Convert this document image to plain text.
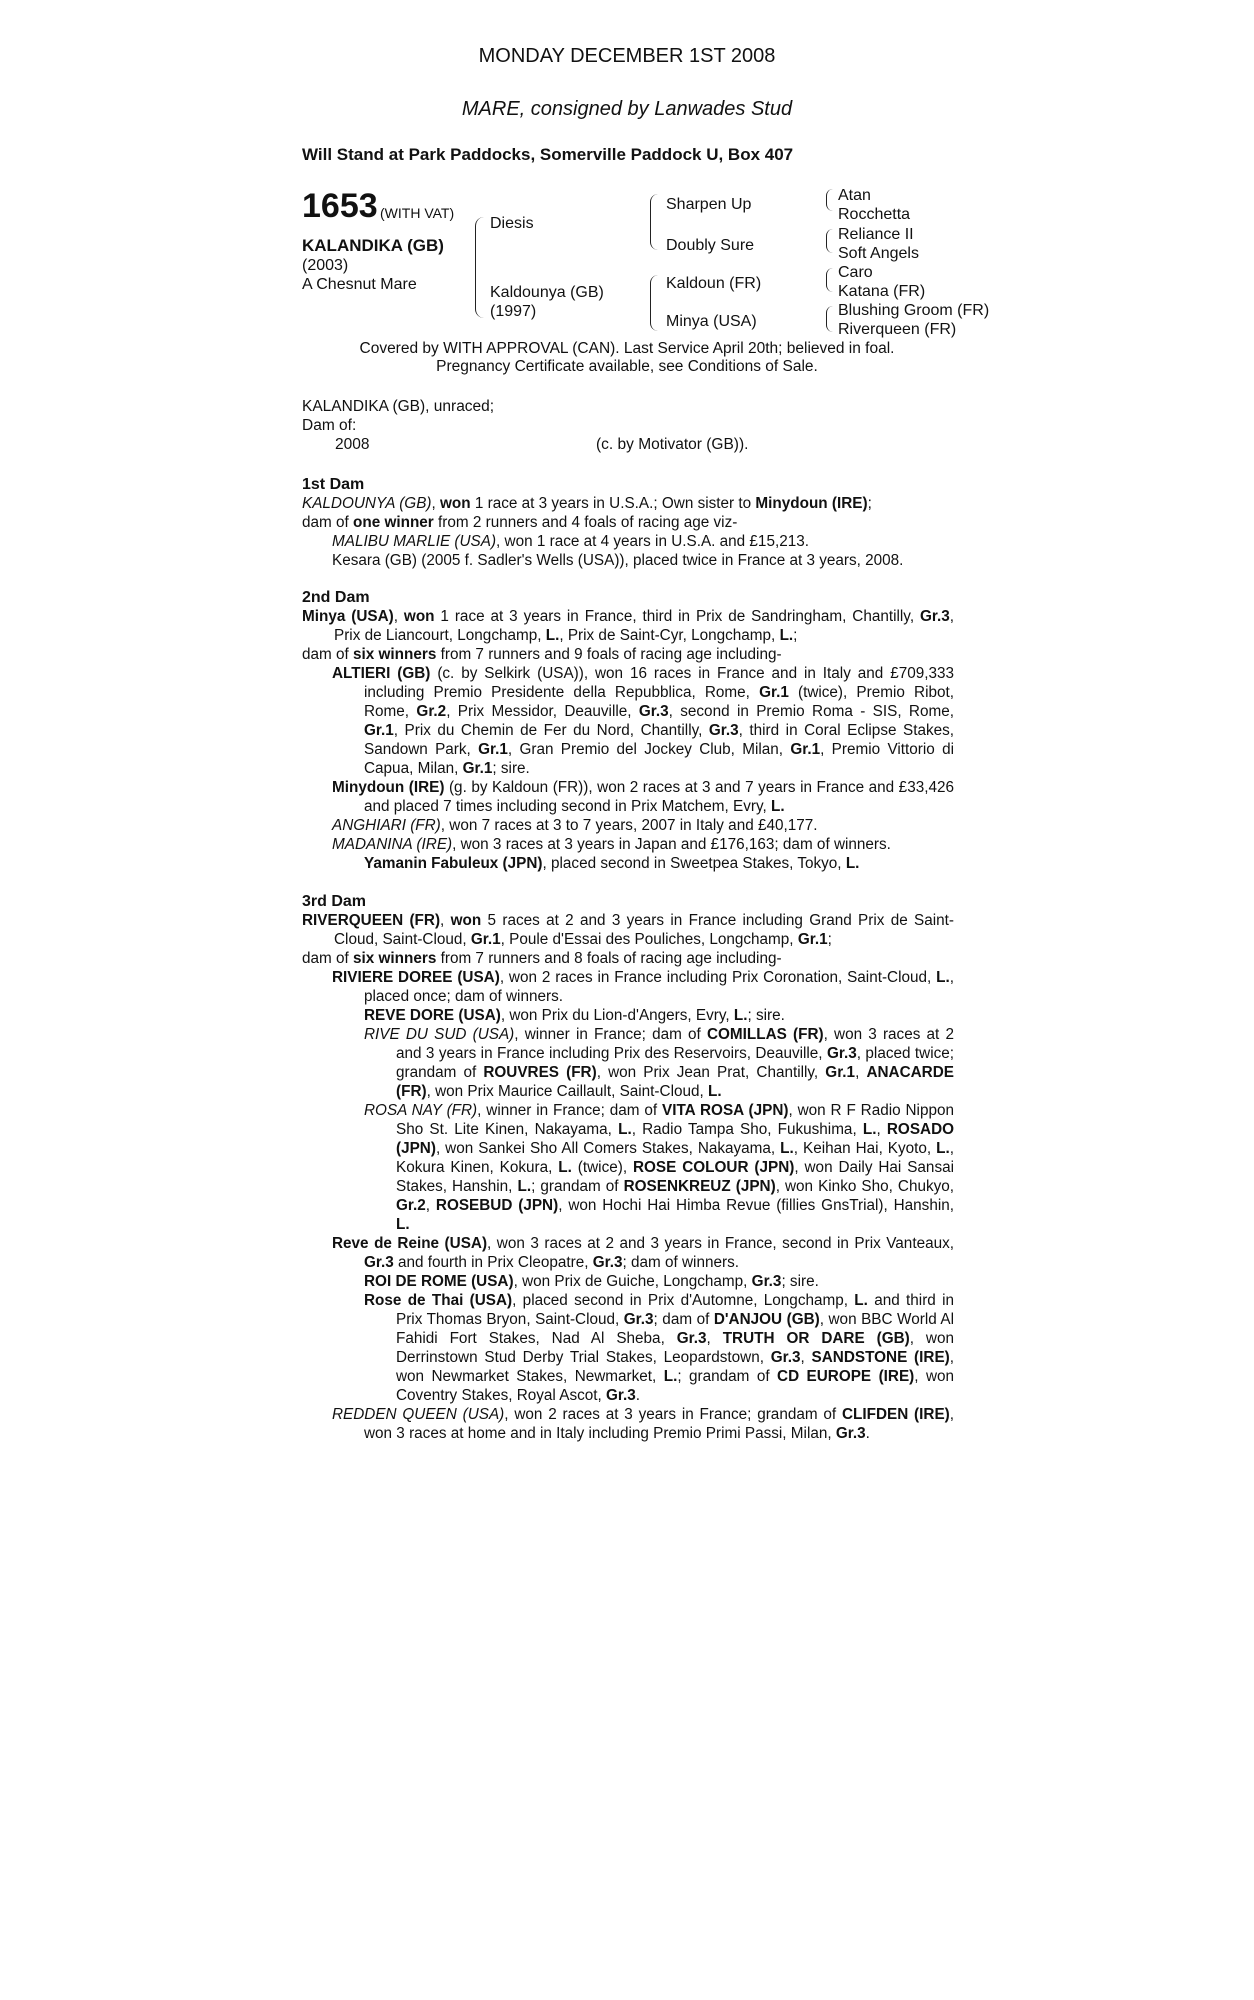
MONDAY DECEMBER 1ST 2008
MARE, consigned by Lanwades Stud
Will Stand at Park Paddocks, Somerville Paddock U, Box 407
1653 (WITH VAT)
KALANDIKA (GB)
(2003)
A Chesnut Mare
Diesis
Kaldounya (GB)
(1997)
Sharpen Up
Doubly Sure
Kaldoun (FR)
Minya (USA)
Atan
Rocchetta
Reliance II
Soft Angels
Caro
Katana (FR)
Blushing Groom (FR)
Riverqueen (FR)
Covered by WITH APPROVAL (CAN). Last Service April 20th; believed in foal.
Pregnancy Certificate available, see Conditions of Sale.
KALANDIKA (GB), unraced;
Dam of:
2008	(c. by Motivator (GB)).

1st Dam

KALDOUNYA (GB), won 1 race at 3 years in U.S.A.; Own sister to Minydoun (IRE);

dam of one winner from 2 runners and 4 foals of racing age viz-

MALIBU MARLIE (USA), won 1 race at 4 years in U.S.A. and £15,213.

Kesara (GB) (2005 f. Sadler's Wells (USA)), placed twice in France at 3 years, 2008.

2nd Dam

Minya (USA), won 1 race at 3 years in France, third in Prix de Sandringham, Chantilly, Gr.3, Prix de Liancourt, Longchamp, L., Prix de Saint-Cyr, Longchamp, L.;

dam of six winners from 7 runners and 9 foals of racing age including-

ALTIERI (GB) (c. by Selkirk (USA)), won 16 races in France and in Italy and £709,333 including Premio Presidente della Repubblica, Rome, Gr.1 (twice), Premio Ribot, Rome, Gr.2, Prix Messidor, Deauville, Gr.3, second in Premio Roma - SIS, Rome, Gr.1, Prix du Chemin de Fer du Nord, Chantilly, Gr.3, third in Coral Eclipse Stakes, Sandown Park, Gr.1, Gran Premio del Jockey Club, Milan, Gr.1, Premio Vittorio di Capua, Milan, Gr.1; sire.

Minydoun (IRE) (g. by Kaldoun (FR)), won 2 races at 3 and 7 years in France and £33,426 and placed 7 times including second in Prix Matchem, Evry, L.

ANGHIARI (FR), won 7 races at 3 to 7 years, 2007 in Italy and £40,177.

MADANINA (IRE), won 3 races at 3 years in Japan and £176,163; dam of winners.

Yamanin Fabuleux (JPN), placed second in Sweetpea Stakes, Tokyo, L.

3rd Dam

RIVERQUEEN (FR), won 5 races at 2 and 3 years in France including Grand Prix de Saint-Cloud, Saint-Cloud, Gr.1, Poule d'Essai des Pouliches, Longchamp, Gr.1;

dam of six winners from 7 runners and 8 foals of racing age including-

RIVIERE DOREE (USA), won 2 races in France including Prix Coronation, Saint-Cloud, L., placed once; dam of winners.

REVE DORE (USA), won Prix du Lion-d'Angers, Evry, L.; sire.

RIVE DU SUD (USA), winner in France; dam of COMILLAS (FR), won 3 races at 2 and 3 years in France including Prix des Reservoirs, Deauville, Gr.3, placed twice; grandam of ROUVRES (FR), won Prix Jean Prat, Chantilly, Gr.1, ANACARDE (FR), won Prix Maurice Caillault, Saint-Cloud, L.

ROSA NAY (FR), winner in France; dam of VITA ROSA (JPN), won R F Radio Nippon Sho St. Lite Kinen, Nakayama, L., Radio Tampa Sho, Fukushima, L., ROSADO (JPN), won Sankei Sho All Comers Stakes, Nakayama, L., Keihan Hai, Kyoto, L., Kokura Kinen, Kokura, L. (twice), ROSE COLOUR (JPN), won Daily Hai Sansai Stakes, Hanshin, L.; grandam of ROSENKREUZ (JPN), won Kinko Sho, Chukyo, Gr.2, ROSEBUD (JPN), won Hochi Hai Himba Revue (fillies GnsTrial), Hanshin, L.

Reve de Reine (USA), won 3 races at 2 and 3 years in France, second in Prix Vanteaux, Gr.3 and fourth in Prix Cleopatre, Gr.3; dam of winners.

ROI DE ROME (USA), won Prix de Guiche, Longchamp, Gr.3; sire.

Rose de Thai (USA), placed second in Prix d'Automne, Longchamp, L. and third in Prix Thomas Bryon, Saint-Cloud, Gr.3; dam of D'ANJOU (GB), won BBC World Al Fahidi Fort Stakes, Nad Al Sheba, Gr.3, TRUTH OR DARE (GB), won Derrinstown Stud Derby Trial Stakes, Leopardstown, Gr.3, SANDSTONE (IRE), won Newmarket Stakes, Newmarket, L.; grandam of CD EUROPE (IRE), won Coventry Stakes, Royal Ascot, Gr.3.

REDDEN QUEEN (USA), won 2 races at 3 years in France; grandam of CLIFDEN (IRE), won 3 races at home and in Italy including Premio Primi Passi, Milan, Gr.3.
